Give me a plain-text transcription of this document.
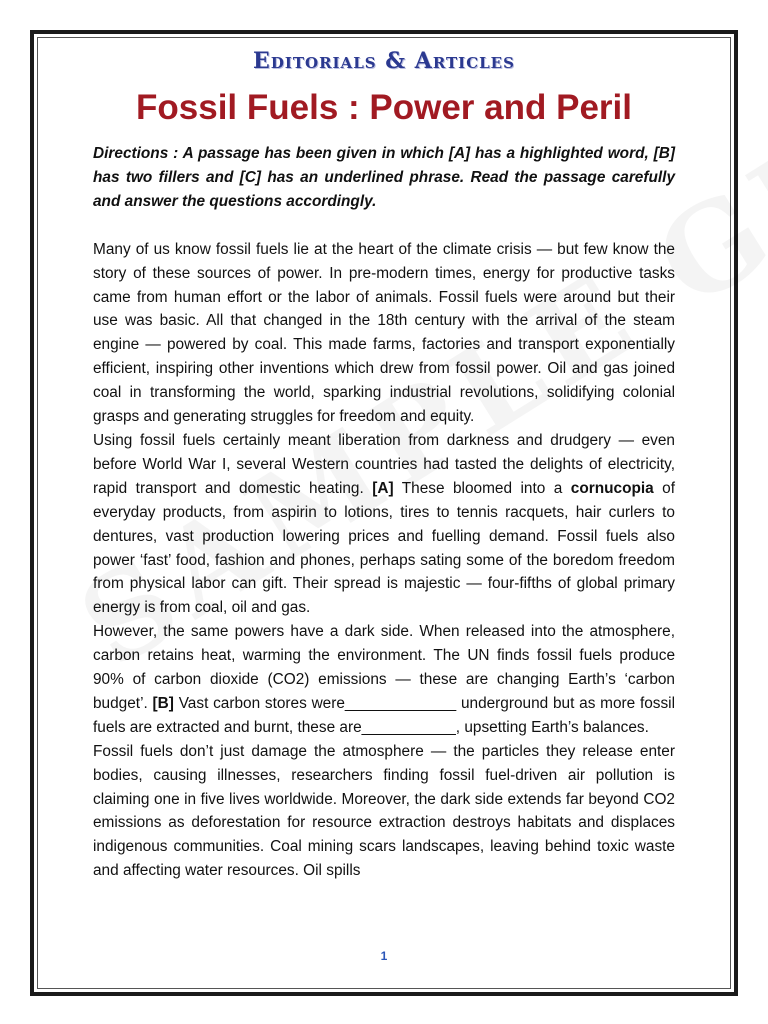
Editorials & Articles
Fossil Fuels : Power and Peril

Directions : A passage has been given in which [A] has a highlighted word, [B] has two fillers and [C] has an underlined phrase. Read the passage carefully and answer the questions accordingly.

Many of us know fossil fuels lie at the heart of the climate crisis — but few know the story of these sources of power. In pre-modern times, energy for productive tasks came from human effort or the labor of animals. Fossil fuels were around but their use was basic. All that changed in the 18th century with the arrival of the steam engine — powered by coal. This made farms, factories and transport exponentially efficient, inspiring other inventions which drew from fossil power. Oil and gas joined coal in transforming the world, sparking industrial revolutions, solidifying colonial grasps and generating struggles for freedom and equity.

Using fossil fuels certainly meant liberation from darkness and drudgery — even before World War I, several Western countries had tasted the delights of electricity, rapid transport and domestic heating. [A] These bloomed into a cornucopia of everyday products, from aspirin to lotions, tires to tennis racquets, hair curlers to dentures, vast production lowering prices and fuelling demand. Fossil fuels also power ‘fast’ food, fashion and phones, perhaps sating some of the boredom freedom from physical labor can gift. Their spread is majestic — four-fifths of global primary energy is from coal, oil and gas.

However, the same powers have a dark side. When released into the atmosphere, carbon retains heat, warming the environment. The UN finds fossil fuels produce 90% of carbon dioxide (CO2) emissions — these are changing Earth’s ‘carbon budget’. [B] Vast carbon stores were_____________ underground but as more fossil fuels are extracted and burnt, these are___________, upsetting Earth’s balances.

Fossil fuels don’t just damage the atmosphere — the particles they release enter bodies, causing illnesses, researchers finding fossil fuel-driven air pollution is claiming one in five lives worldwide. Moreover, the dark side extends far beyond CO2 emissions as deforestation for resource extraction destroys habitats and displaces indigenous communities. Coal mining scars landscapes, leaving behind toxic waste and affecting water resources. Oil spills

1
